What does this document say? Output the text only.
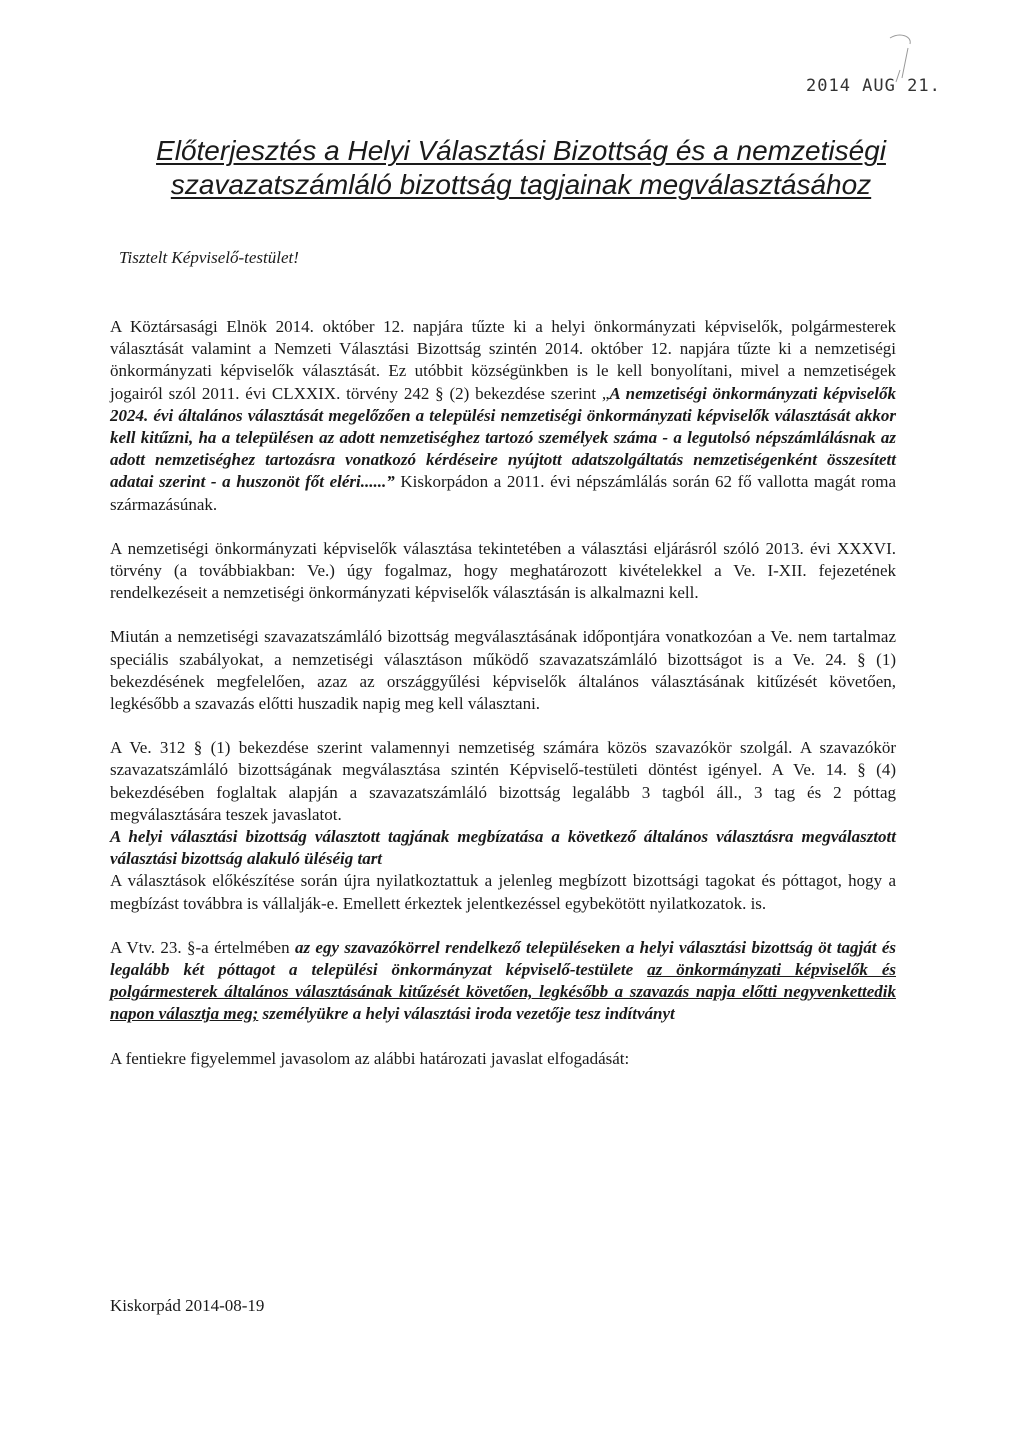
2014 AUG 21.
Előterjesztés a Helyi Választási Bizottság és a nemzetiségi
szavazatszámláló bizottság tagjainak megválasztásához
Tisztelt Képviselő-testület!

A Köztársasági Elnök 2014. október 12. napjára tűzte ki a helyi önkormányzati képviselők, polgármesterek választását valamint a Nemzeti Választási Bizottság szintén 2014. október 12. napjára tűzte ki a nemzetiségi önkormányzati képviselők választását. Ez utóbbit községünkben is le kell bonyolítani, mivel a nemzetiségek jogairól szól 2011. évi CLXXIX. törvény 242 § (2) bekezdése szerint „A nemzetiségi önkormányzati képviselők 2024. évi általános választását megelőzően a települési nemzetiségi önkormányzati képviselők választását akkor kell kitűzni, ha a településen az adott nemzetiséghez tartozó személyek száma - a legutolsó népszámlálásnak az adott nemzetiséghez tartozásra vonatkozó kérdéseire nyújtott adatszolgáltatás nemzetiségenként összesített adatai szerint - a huszonöt főt eléri......” Kiskorpádon a 2011. évi népszámlálás során 62 fő vallotta magát roma származásúnak.

A nemzetiségi önkormányzati képviselők választása tekintetében a választási eljárásról szóló 2013. évi XXXVI. törvény (a továbbiakban: Ve.) úgy fogalmaz, hogy meghatározott kivételekkel a Ve. I-XII. fejezetének rendelkezéseit a nemzetiségi önkormányzati képviselők választásán is alkalmazni kell.

Miután a nemzetiségi szavazatszámláló bizottság megválasztásának időpontjára vonatkozóan a Ve. nem tartalmaz speciális szabályokat, a nemzetiségi választáson működő szavazatszámláló bizottságot is a Ve. 24. § (1) bekezdésének megfelelően, azaz az országgyűlési képviselők általános választásának kitűzését követően, legkésőbb a szavazás előtti huszadik napig meg kell választani.

A Ve. 312 § (1) bekezdése szerint valamennyi nemzetiség számára közös szavazókör szolgál. A szavazókör szavazatszámláló bizottságának megválasztása szintén Képviselő-testületi döntést igényel. A Ve. 14. § (4) bekezdésében foglaltak alapján a szavazatszámláló bizottság legalább 3 tagból áll., 3 tag és 2 póttag megválasztására teszek javaslatot.
A helyi választási bizottság választott tagjának megbízatása a következő általános választásra megválasztott választási bizottság alakuló üléséig tart
A választások előkészítése során újra nyilatkoztattuk a jelenleg megbízott bizottsági tagokat és póttagot, hogy a megbízást továbbra is vállalják-e. Emellett érkeztek jelentkezéssel egybekötött nyilatkozatok. is.

A Vtv. 23. §-a értelmében az egy szavazókörrel rendelkező településeken a helyi választási bizottság öt tagját és legalább két póttagot a települési önkormányzat képviselő-testülete az önkormányzati képviselők és polgármesterek általános választásának kitűzését követően, legkésőbb a szavazás napja előtti negyvenkettedik napon választja meg; személyükre a helyi választási iroda vezetője tesz indítványt

A fentiekre figyelemmel javasolom az alábbi határozati javaslat elfogadását:

Kiskorpád 2014-08-19
